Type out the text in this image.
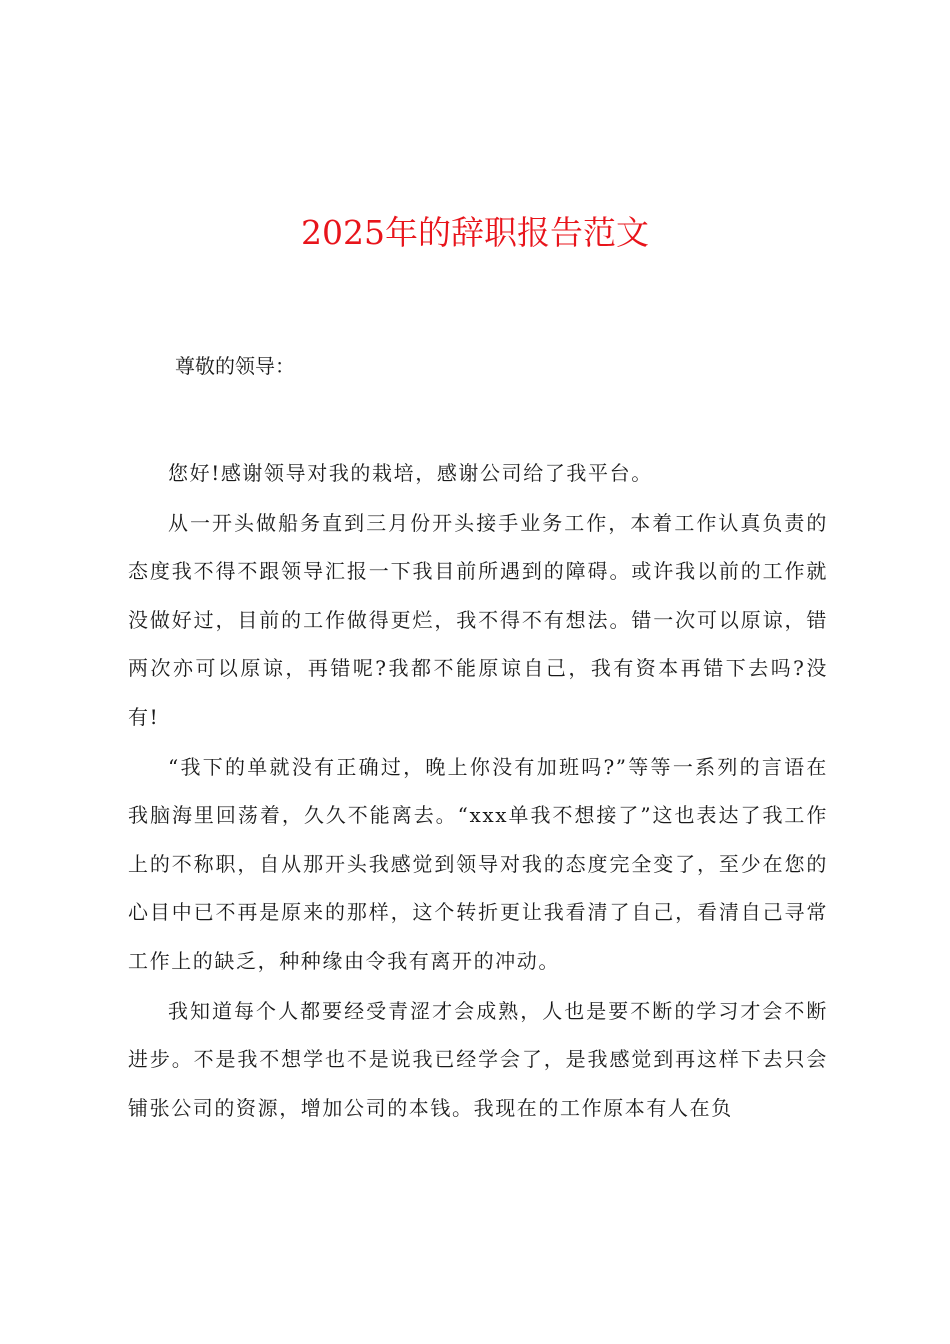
2025年的辞职报告范文

尊敬的领导：

您好!感谢领导对我的栽培，感谢公司给了我平台。

从一开头做船务直到三月份开头接手业务工作，本着工作认真负责的态度我不得不跟领导汇报一下我目前所遇到的障碍。或许我以前的工作就没做好过，目前的工作做得更烂，我不得不有想法。错一次可以原谅，错两次亦可以原谅，再错呢?我都不能原谅自己，我有资本再错下去吗?没有!

“我下的单就没有正确过，晚上你没有加班吗?”等等一系列的言语在我脑海里回荡着，久久不能离去。“xxx单我不想接了”这也表达了我工作上的不称职，自从那开头我感觉到领导对我的态度完全变了，至少在您的心目中已不再是原来的那样，这个转折更让我看清了自己，看清自己寻常工作上的缺乏，种种缘由令我有离开的冲动。

我知道每个人都要经受青涩才会成熟，人也是要不断的学习才会不断进步。不是我不想学也不是说我已经学会了，是我感觉到再这样下去只会铺张公司的资源，增加公司的本钱。我现在的工作原本有人在负
